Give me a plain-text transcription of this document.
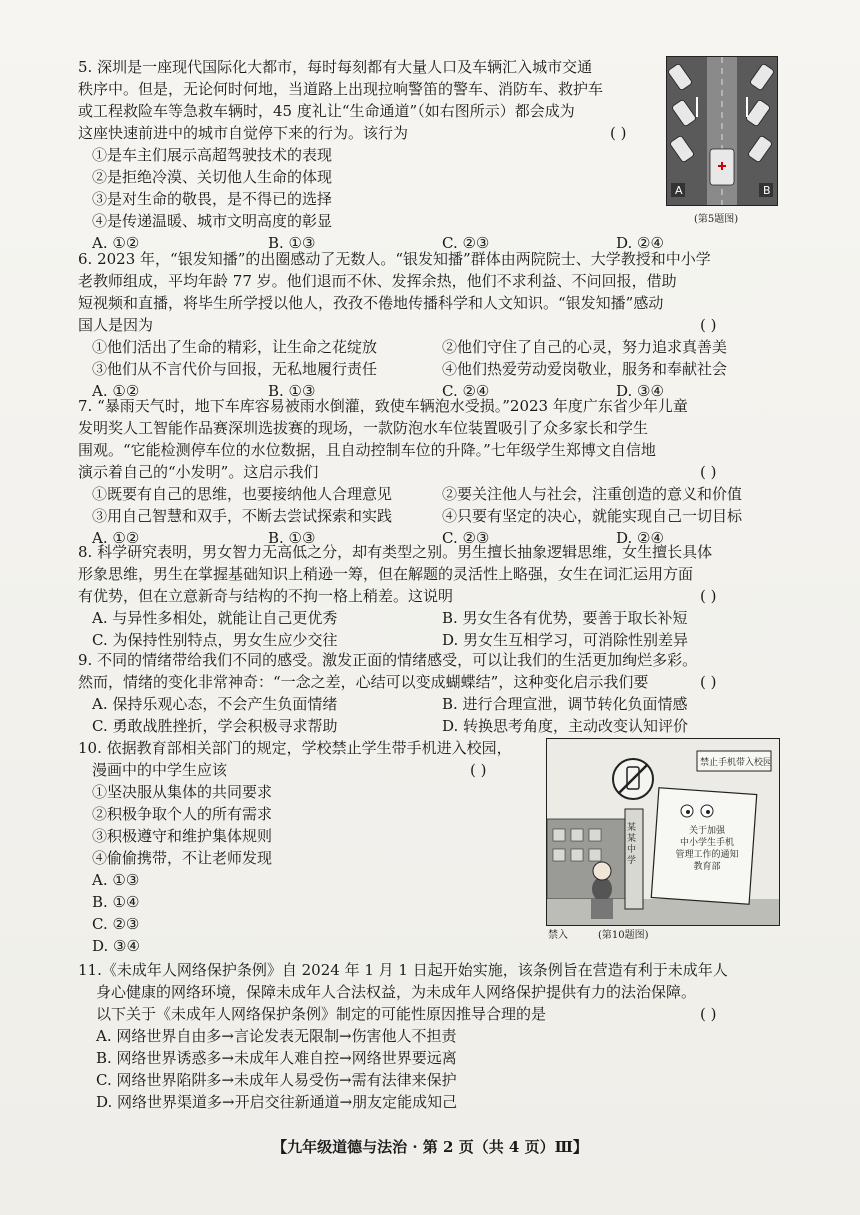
5. 深圳是一座现代国际化大都市，每时每刻都有大量人口及车辆汇入城市交通
秩序中。但是，无论何时何地，当道路上出现拉响警笛的警车、消防车、救护车
或工程救险车等急救车辆时，45 度礼让“生命通道”（如右图所示）都会成为
这座快速前进中的城市自觉停下来的行为。该行为	( )
①是车主们展示高超驾驶技术的表现
②是拒绝冷漠、关切他人生命的体现
③是对生命的敬畏，是不得已的选择
④是传递温暖、城市文明高度的彰显
A. ①②	B. ①③	C. ②③	D. ②④
A	B
(第5题图)
6. 2023 年，“银发知播”的出圈感动了无数人。“银发知播”群体由两院院士、大学教授和中小学
老教师组成，平均年龄 77 岁。他们退而不休、发挥余热，他们不求利益、不问回报，借助
短视频和直播，将毕生所学授以他人，孜孜不倦地传播科学和人文知识。“银发知播”感动
国人是因为	( )
①他们活出了生命的精彩，让生命之花绽放	②他们守住了自己的心灵，努力追求真善美
③他们从不言代价与回报，无私地履行责任	④他们热爱劳动爱岗敬业，服务和奉献社会
A. ①②	B. ①③	C. ②④	D. ③④
7. “暴雨天气时，地下车库容易被雨水倒灌，致使车辆泡水受损。”2023 年度广东省少年儿童
发明奖人工智能作品赛深圳选拔赛的现场，一款防泡水车位装置吸引了众多家长和学生
围观。“它能检测停车位的水位数据，且自动控制车位的升降。”七年级学生郑博文自信地
演示着自己的“小发明”。这启示我们	( )
①既要有自己的思维，也要接纳他人合理意见	②要关注他人与社会，注重创造的意义和价值
③用自己智慧和双手，不断去尝试探索和实践	④只要有坚定的决心，就能实现自己一切目标
A. ①②	B. ①③	C. ②③	D. ②④
8. 科学研究表明，男女智力无高低之分，却有类型之别。男生擅长抽象逻辑思维，女生擅长具体
形象思维，男生在掌握基础知识上稍逊一筹，但在解题的灵活性上略强，女生在词汇运用方面
有优势，但在立意新奇与结构的不拘一格上稍差。这说明	( )
A. 与异性多相处，就能让自己更优秀	B. 男女生各有优势，要善于取长补短
C. 为保持性别特点，男女生应少交往	D. 男女生互相学习，可消除性别差异
9. 不同的情绪带给我们不同的感受。激发正面的情绪感受，可以让我们的生活更加绚烂多彩。
然而，情绪的变化非常神奇：“一念之差，心结可以变成蝴蝶结”，这种变化启示我们要	( )
A. 保持乐观心态，不会产生负面情绪	B. 进行合理宣泄，调节转化负面情感
C. 勇敢战胜挫折，学会积极寻求帮助	D. 转换思考角度，主动改变认知评价
10. 依据教育部相关部门的规定，学校禁止学生带手机进入校园，
漫画中的中学生应该	( )
①坚决服从集体的共同要求
②积极争取个人的所有需求
③积极遵守和维护集体规则
④偷偷携带，不让老师发现
A. ①③
B. ①④
C. ②③
D. ③④
禁止手机带入校园
关于加强
中小学生手机
管理工作的通知
教育部
某某中学
禁入	(第10题图)
11.《未成年人网络保护条例》自 2024 年 1 月 1 日起开始实施，该条例旨在营造有利于未成年人
身心健康的网络环境，保障未成年人合法权益，为未成年人网络保护提供有力的法治保障。
以下关于《未成年人网络保护条例》制定的可能性原因推导合理的是	( )
A. 网络世界自由多→言论发表无限制→伤害他人不担责
B. 网络世界诱惑多→未成年人难自控→网络世界要远离
C. 网络世界陷阱多→未成年人易受伤→需有法律来保护
D. 网络世界渠道多→开启交往新通道→朋友定能成知己
【九年级道德与法治 · 第 2 页（共 4 页）Ⅲ】
